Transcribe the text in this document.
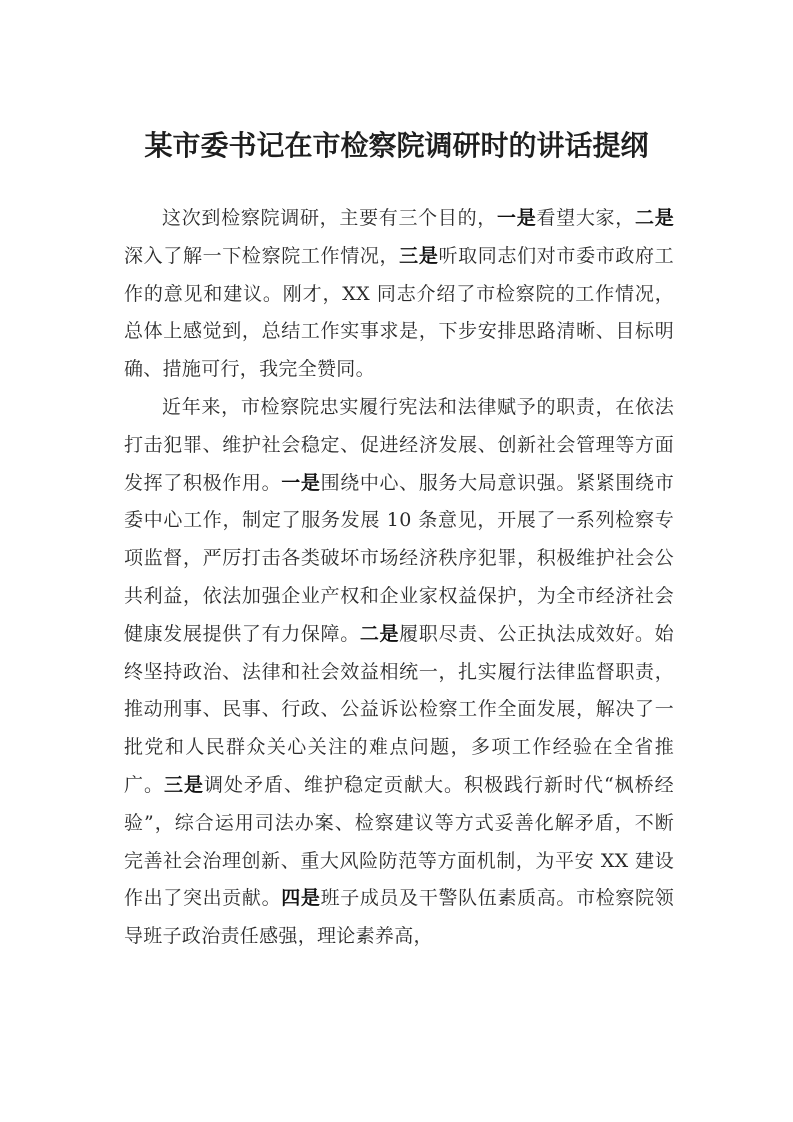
某市委书记在市检察院调研时的讲话提纲

这次到检察院调研，主要有三个目的，一是看望大家，二是深入了解一下检察院工作情况，三是听取同志们对市委市政府工作的意见和建议。刚才，XX 同志介绍了市检察院的工作情况，总体上感觉到，总结工作实事求是，下步安排思路清晰、目标明确、措施可行，我完全赞同。

近年来，市检察院忠实履行宪法和法律赋予的职责，在依法打击犯罪、维护社会稳定、促进经济发展、创新社会管理等方面发挥了积极作用。一是围绕中心、服务大局意识强。紧紧围绕市委中心工作，制定了服务发展 10 条意见，开展了一系列检察专项监督，严厉打击各类破坏市场经济秩序犯罪，积极维护社会公共利益，依法加强企业产权和企业家权益保护，为全市经济社会健康发展提供了有力保障。二是履职尽责、公正执法成效好。始终坚持政治、法律和社会效益相统一，扎实履行法律监督职责，推动刑事、民事、行政、公益诉讼检察工作全面发展，解决了一批党和人民群众关心关注的难点问题，多项工作经验在全省推广。三是调处矛盾、维护稳定贡献大。积极践行新时代“枫桥经验”，综合运用司法办案、检察建议等方式妥善化解矛盾，不断完善社会治理创新、重大风险防范等方面机制，为平安 XX 建设作出了突出贡献。四是班子成员及干警队伍素质高。市检察院领导班子政治责任感强，理论素养高，
